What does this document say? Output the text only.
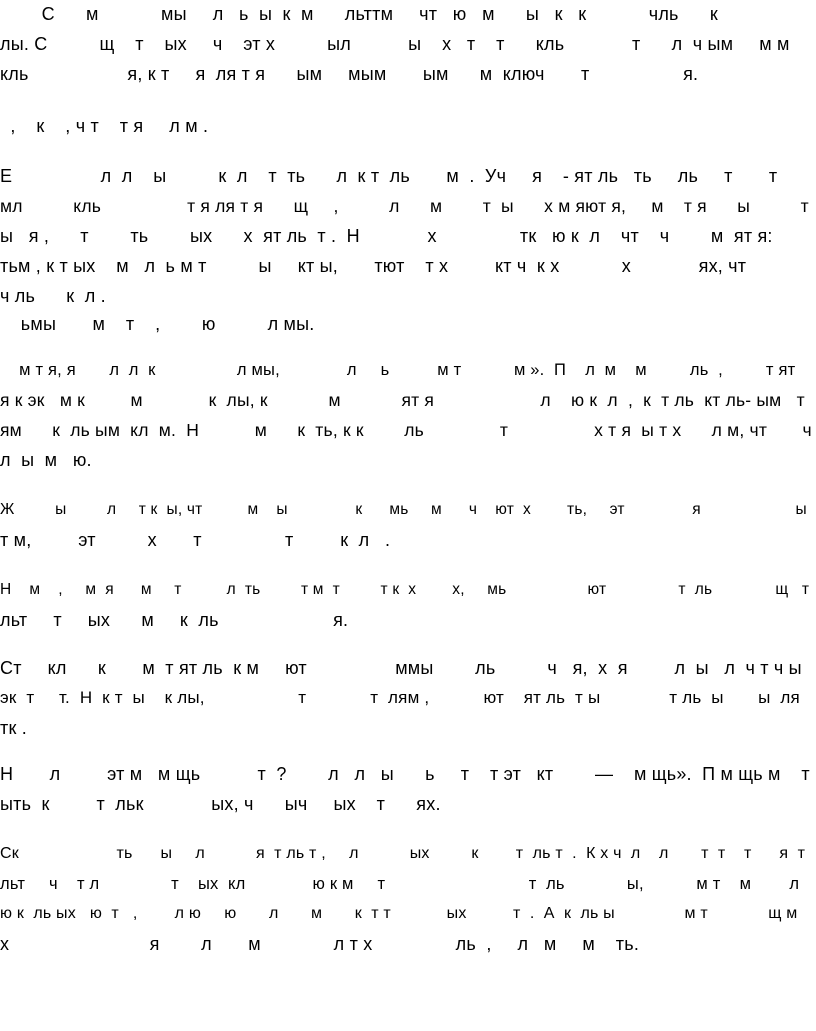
С      м            мы     л   ь  ы  к  м      льттм     чт   ю   м      ы   к   к            чль      к
лы. С          щ    т    ых     ч    эт х          ыл           ы    х   т    т      кль             т      л  ч ым     м м
кль                   я, к т     я  ля т я      ым     мым       ым      м  ключ       т                  я.
,    к    , ч т    т я     л м .
Е                 л  л    ы          к  л    т  ть      л  к т  ль       м  .  Уч     я    - ят ль   ть     ль     т       т
мл          кль                 т я ля т я      щ     ,          л      м        т  ы      х м яют я,     м    т я      ы          т
ы   я ,      т        ть        ых      х  ят ль  т .  Н             х                тк   ю к  л    чт    ч        м  ят я:
тьм , к т ых    м   л  ь м т          ы     кт ы,       тют    т х         кт ч  к х            х             ях, чт
ч ль      к  л .
ьмы       м    т    ,        ю          л мы.
м т я, я       л  л  к                 л мы,              л     ь          м т           м ».  П    л  м    м         ль  ,         т ят
я к эк   м к         м             к  лы, к            м            ят я                     л    ю к  л  ,  к  т ль  кт ль- ым   т
ям      к  ль ым  кл  м.  Н           м      к  ть, к к        ль               т                 х т я  ы т х      л м, чт       ч
л  ы  м   ю.
Ж         ы         л     т к  ы, чт          м    ы               к      мь     м      ч    ют  х        ть,     эт               я                     ы
т м,         эт          х       т                т         к  л   .
Н    м    ,     м  я      м     т          л  ть         т м  т         т к  х        х,     мь                  ют                т  ль              щ   т
льт     т     ых      м     к  ль                      я.
Ст     кл      к       м  т ят ль  к м     ют                 ммы        ль          ч   я,  х  я         л  ы   л  ч т ч ы
эк  т     т.  Н  к т  ы    к лы,                   т             т  лям ,           ют    ят ль  т ы              т ль  ы       ы  ля
тк .
Н       л         эт м   м щь           т  ?        л   л   ы      ь     т    т эт   кт        —    м щь».  П м щь м    т
ыть  к         т  льк             ых, ч      ыч     ых    т      ях.
Ск                     ть      ы     л           я  т ль т ,     л           ых         к        т  ль т  .  К х ч  л    л       т  т    т      я  т
льт     ч    т л               т    ых  кл              ю к м     т                              т  ль             ы,           м т    м        л
ю к  ль ых   ю  т   ,        л ю     ю       л       м       к  т т            ых          т  .  А  к  ль ы               м т             щ м
х                           я        л       м              л т х                ль  ,     л   м     м    ть.
